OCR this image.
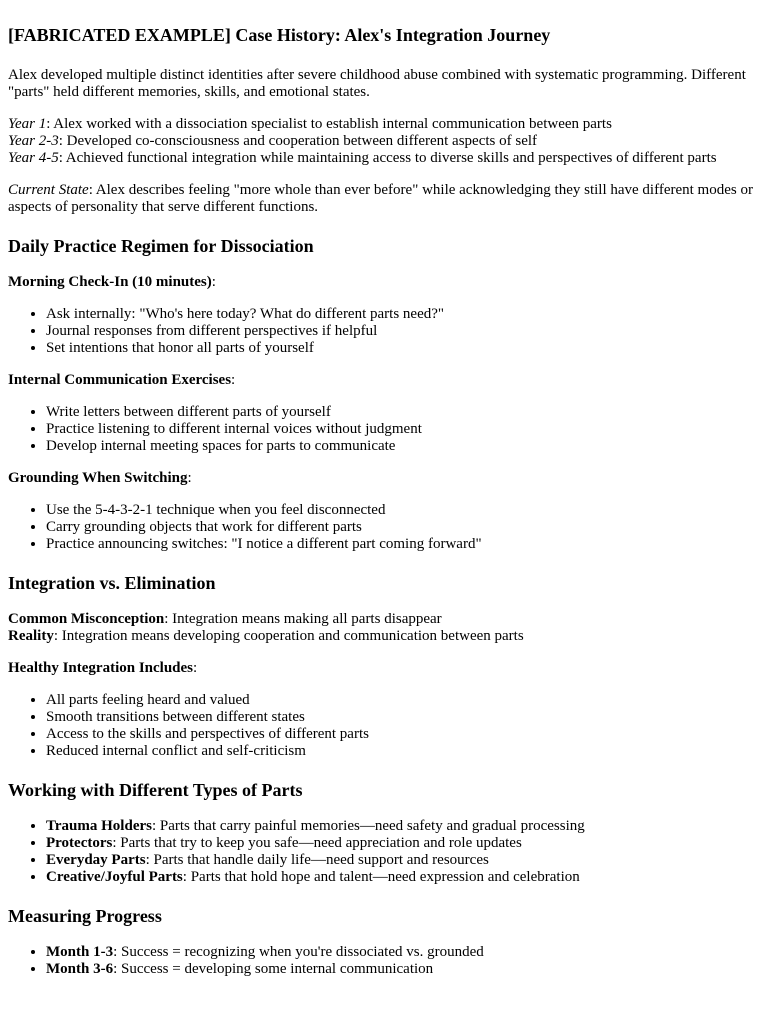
[FABRICATED EXAMPLE] Case History: Alex's Integration Journey

Alex developed multiple distinct identities after severe childhood abuse combined with systematic programming. Different "parts" held different memories, skills, and emotional states.

Year 1: Alex worked with a dissociation specialist to establish internal communication between parts
Year 2-3: Developed co-consciousness and cooperation between different aspects of self
Year 4-5: Achieved functional integration while maintaining access to diverse skills and perspectives of different parts

Current State: Alex describes feeling "more whole than ever before" while acknowledging they still have different modes or aspects of personality that serve different functions.

Daily Practice Regimen for Dissociation

Morning Check-In (10 minutes):

• Ask internally: "Who's here today? What do different parts need?"
• Journal responses from different perspectives if helpful
• Set intentions that honor all parts of yourself

Internal Communication Exercises:

• Write letters between different parts of yourself
• Practice listening to different internal voices without judgment
• Develop internal meeting spaces for parts to communicate

Grounding When Switching:

• Use the 5-4-3-2-1 technique when you feel disconnected
• Carry grounding objects that work for different parts
• Practice announcing switches: "I notice a different part coming forward"
Integration vs. Elimination

Common Misconception: Integration means making all parts disappear
Reality: Integration means developing cooperation and communication between parts

Healthy Integration Includes:

• All parts feeling heard and valued
• Smooth transitions between different states
• Access to the skills and perspectives of different parts
• Reduced internal conflict and self-criticism
Working with Different Types of Parts
• Trauma Holders: Parts that carry painful memories—need safety and gradual processing
• Protectors: Parts that try to keep you safe—need appreciation and role updates
• Everyday Parts: Parts that handle daily life—need support and resources
• Creative/Joyful Parts: Parts that hold hope and talent—need expression and celebration
Measuring Progress
• Month 1-3: Success = recognizing when you're dissociated vs. grounded
• Month 3-6: Success = developing some internal communication
